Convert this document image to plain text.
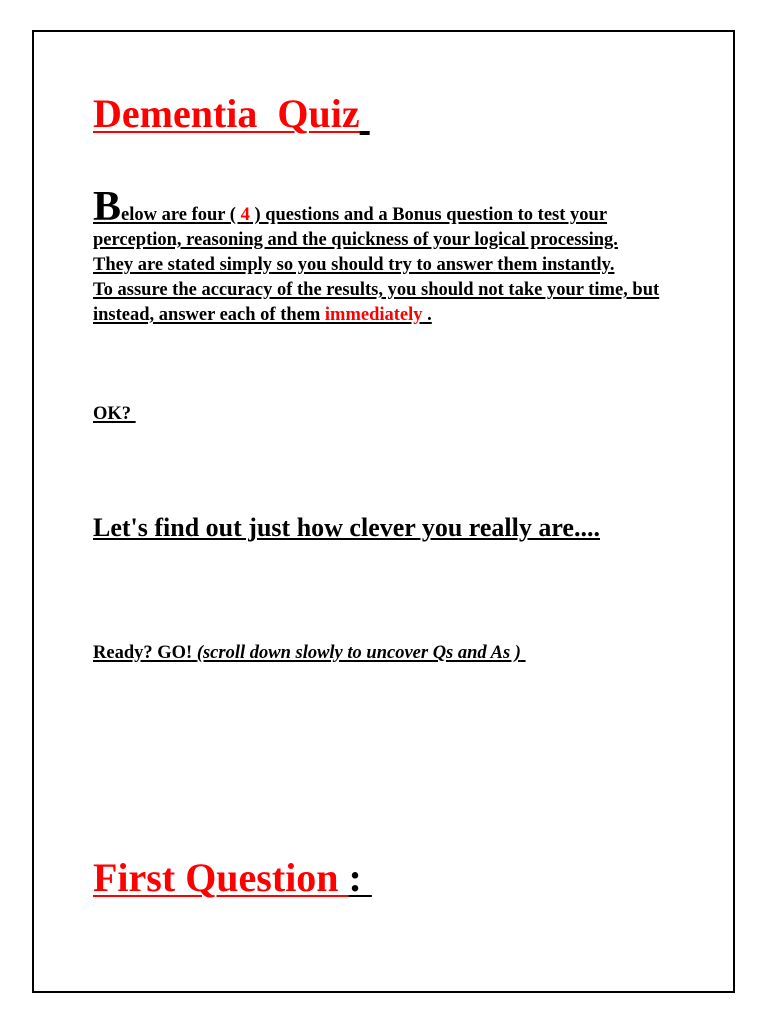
Dementia  Quiz

Below are four ( 4 ) questions and a Bonus question to test your perception, reasoning and the quickness of your logical processing.

They are stated simply so you should try to answer them instantly.

To assure the accuracy of the results, you should not take your time, but instead, answer each of them immediately .

OK?

Let's find out just how clever you really are....

Ready? GO! (scroll down slowly to uncover Qs and As )

First Question :
